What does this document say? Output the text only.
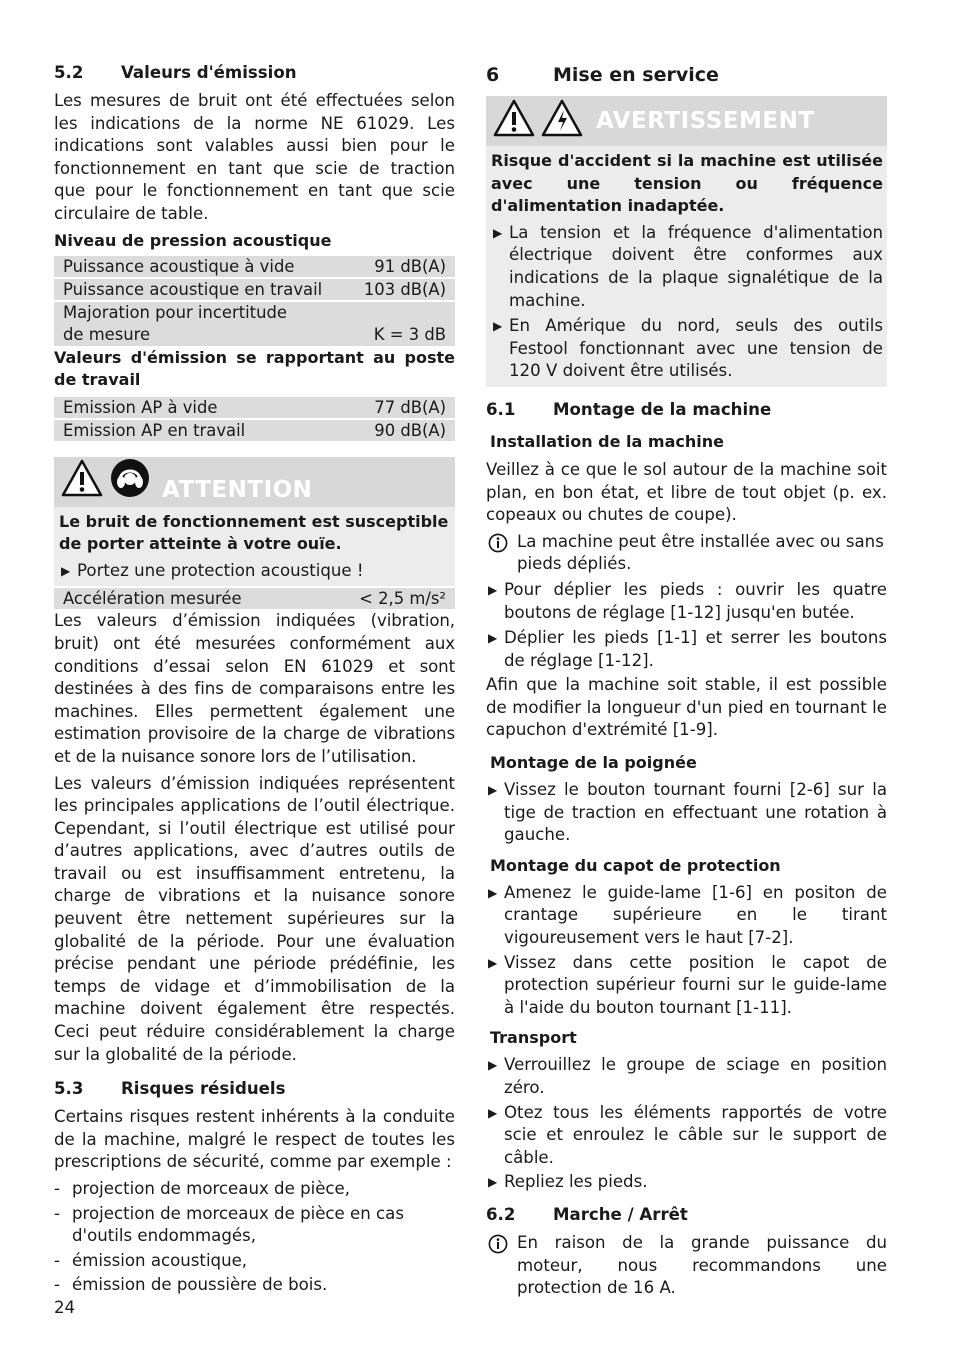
5.2	Valeurs d'émission
Les mesures de bruit ont été effectuées selon les indications de la norme NE 61029. Les indications sont valables aussi bien pour le fonctionnement en tant que scie de traction que pour le fonctionnement en tant que scie circulaire de table.
Niveau de pression acoustique
Puissance acoustique à vide	91 dB(A)
Puissance acoustique en travail	103 dB(A)
Majoration pour incertitude
de mesure	K = 3 dB
Valeurs d'émission se rapportant au poste de travail
Emission AP à vide	77 dB(A)
Emission AP en travail	90 dB(A)
ATTENTION
Le bruit de fonctionnement est susceptible de porter atteinte à votre ouïe.
▶ Portez une protection acoustique !
Accélération mesurée	< 2,5 m/s²
Les valeurs d’émission indiquées (vibration, bruit) ont été mesurées conformément aux conditions d’essai selon EN 61029 et sont destinées à des fins de comparaisons entre les machines. Elles permettent également une estimation provisoire de la charge de vibrations et de la nuisance sonore lors de l’utilisation.
Les valeurs d’émission indiquées représentent les principales applications de l’outil électrique. Cependant, si l’outil électrique est utilisé pour d’autres applications, avec d’autres outils de travail ou est insuffisamment entretenu, la charge de vibrations et la nuisance sonore peuvent être nettement supérieures sur la globalité de la période. Pour une évaluation précise pendant une période prédéfinie, les temps de vidage et d’immobilisation de la machine doivent également être respectés. Ceci peut réduire considérablement la charge sur la globalité de la période.
5.3	Risques résiduels
Certains risques restent inhérents à la conduite de la machine, malgré le respect de toutes les prescriptions de sécurité, comme par exemple :
- projection de morceaux de pièce,
- projection de morceaux de pièce en cas d'outils endommagés,
- émission acoustique,
- émission de poussière de bois.
6	Mise en service
AVERTISSEMENT
Risque d'accident si la machine est utilisée avec une tension ou fréquence d'alimentation inadaptée.
▶ La tension et la fréquence d'alimentation électrique doivent être conformes aux indications de la plaque signalétique de la machine.
▶ En Amérique du nord, seuls des outils Festool fonctionnant avec une tension de 120 V doivent être utilisés.
6.1	Montage de la machine
Installation de la machine
Veillez à ce que le sol autour de la machine soit plan, en bon état, et libre de tout objet (p. ex. copeaux ou chutes de coupe).
La machine peut être installée avec ou sans pieds dépliés.
▶ Pour déplier les pieds : ouvrir les quatre boutons de réglage [1-12] jusqu'en butée.
▶ Déplier les pieds [1-1] et serrer les boutons de réglage [1-12].
Afin que la machine soit stable, il est possible de modifier la longueur d'un pied en tournant le capuchon d'extrémité [1-9].
Montage de la poignée
▶ Vissez le bouton tournant fourni [2-6] sur la tige de traction en effectuant une rotation à gauche.
Montage du capot de protection
▶ Amenez le guide-lame [1-6] en positon de crantage supérieure en le tirant vigoureusement vers le haut [7-2].
▶ Vissez dans cette position le capot de protection supérieur fourni sur le guide-lame à l'aide du bouton tournant [1-11].
Transport
▶ Verrouillez le groupe de sciage en position zéro.
▶ Otez tous les éléments rapportés de votre scie et enroulez le câble sur le support de câble.
▶ Repliez les pieds.
6.2	Marche / Arrêt
En raison de la grande puissance du moteur, nous recommandons une protection de 16 A.
24
